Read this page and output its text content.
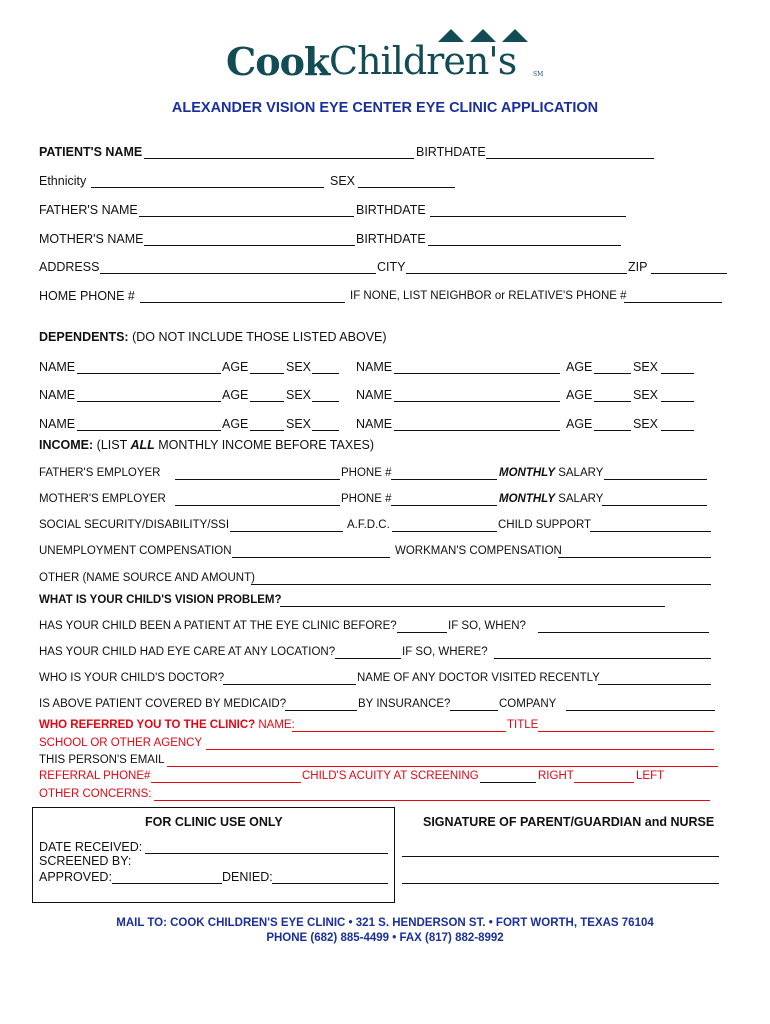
Cook Children's	SM
ALEXANDER VISION EYE CENTER EYE CLINIC APPLICATION
PATIENT'S NAME	BIRTHDATE
Ethnicity	SEX
FATHER'S NAME	BIRTHDATE
MOTHER'S NAME	BIRTHDATE
ADDRESS	CITY	ZIP
HOME PHONE #	IF NONE, LIST NEIGHBOR or RELATIVE'S PHONE #
DEPENDENTS: (DO NOT INCLUDE THOSE LISTED ABOVE)
NAME	AGE	SEX	NAME	AGE	SEX
NAME	AGE	SEX	NAME	AGE	SEX
NAME	AGE	SEX	NAME	AGE	SEX
INCOME: (LIST ALL MONTHLY INCOME BEFORE TAXES)
FATHER'S EMPLOYER	PHONE #	MONTHLY SALARY
MOTHER'S EMPLOYER	PHONE #	MONTHLY SALARY
SOCIAL SECURITY/DISABILITY/SSI	A.F.D.C.	CHILD SUPPORT
UNEMPLOYMENT COMPENSATION	WORKMAN'S COMPENSATION
OTHER (NAME SOURCE AND AMOUNT)
WHAT IS YOUR CHILD'S VISION PROBLEM?
HAS YOUR CHILD BEEN A PATIENT AT THE EYE CLINIC BEFORE?	IF SO, WHEN?
HAS YOUR CHILD HAD EYE CARE AT ANY LOCATION?	IF SO, WHERE?
WHO IS YOUR CHILD'S DOCTOR?	NAME OF ANY DOCTOR VISITED RECENTLY
IS ABOVE PATIENT COVERED BY MEDICAID?	BY INSURANCE?	COMPANY
WHO REFERRED YOU TO THE CLINIC? NAME:	TITLE
SCHOOL OR OTHER AGENCY
THIS PERSON'S EMAIL
REFERRAL PHONE#	CHILD'S ACUITY AT SCREENING	RIGHT	LEFT
OTHER CONCERNS:
FOR CLINIC USE ONLY
DATE RECEIVED:
SCREENED BY:
APPROVED:	DENIED:
SIGNATURE OF PARENT/GUARDIAN and NURSE
MAIL TO: COOK CHILDREN'S EYE CLINIC • 321 S. HENDERSON ST. • FORT WORTH, TEXAS 76104
PHONE (682) 885-4499 • FAX (817) 882-8992
